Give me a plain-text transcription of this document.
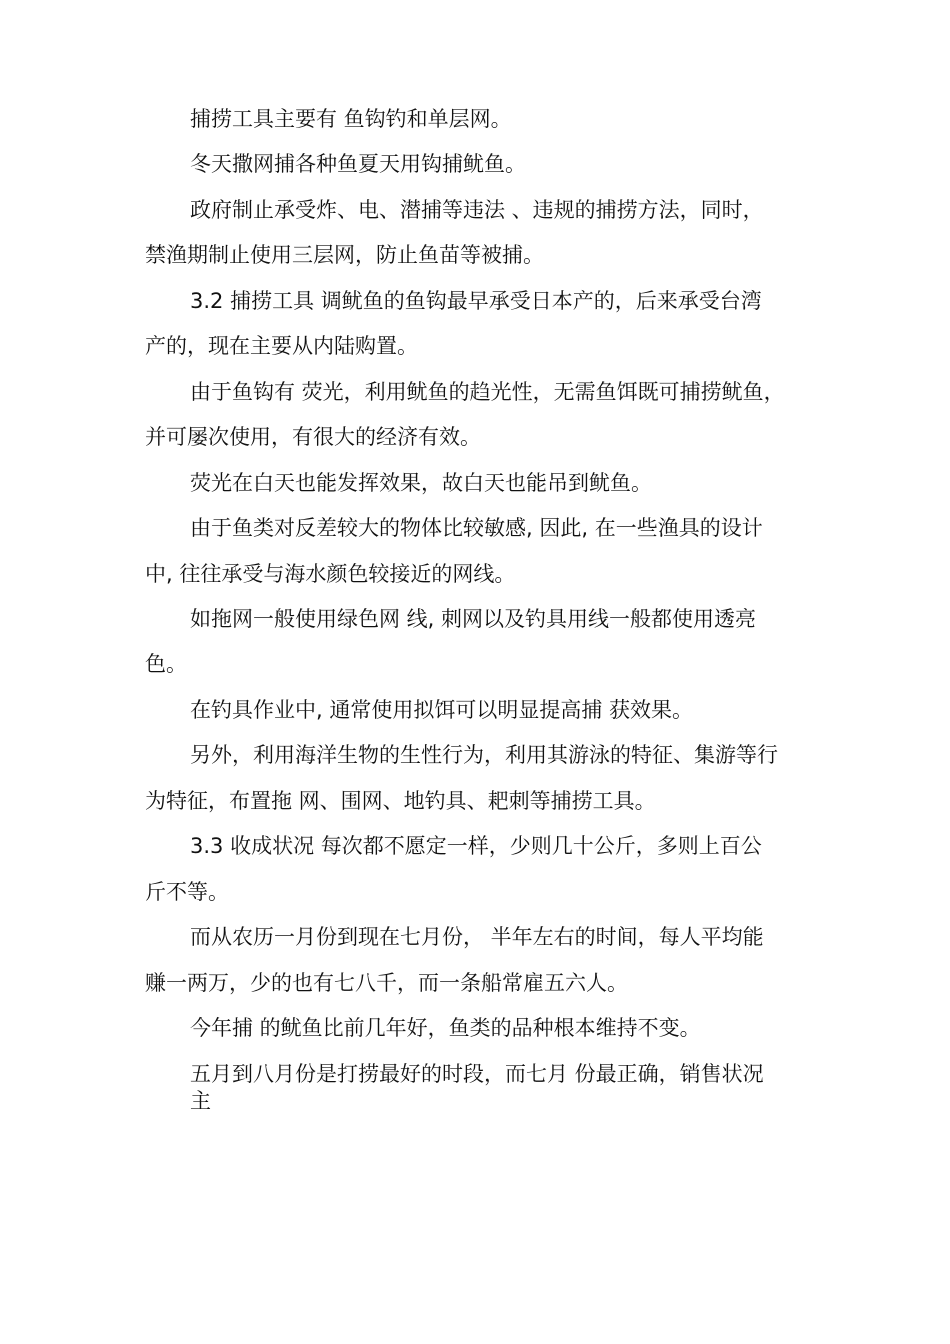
捕捞工具主要有 鱼钩钓和单层网。

冬天撒网捕各种鱼夏天用钩捕鱿鱼。

政府制止承受炸、电、潜捕等违法 、违规的捕捞方法，同时，

禁渔期制止使用三层网，防止鱼苗等被捕。

3.2 捕捞工具 调鱿鱼的鱼钩最早承受日本产的，后来承受台湾

产的，现在主要从内陆购置。

由于鱼钩有 荧光，利用鱿鱼的趋光性，无需鱼饵既可捕捞鱿鱼，

并可屡次使用，有很大的经济有效。

荧光在白天也能发挥效果，故白天也能吊到鱿鱼。

由于鱼类对反差较大的物体比较敏感, 因此, 在一些渔具的设计

中, 往往承受与海水颜色较接近的网线。

如拖网一般使用绿色网 线, 刺网以及钓具用线一般都使用透亮

色。

在钓具作业中, 通常使用拟饵可以明显提高捕 获效果。

另外，利用海洋生物的生性行为，利用其游泳的特征、集游等行

为特征，布置拖 网、围网、地钓具、耙刺等捕捞工具。

3.3 收成状况 每次都不愿定一样，少则几十公斤，多则上百公

斤不等。

而从农历一月份到现在七月份， 半年左右的时间，每人平均能

赚一两万，少的也有七八千，而一条船常雇五六人。

今年捕 的鱿鱼比前几年好，鱼类的品种根本维持不变。

五月到八月份是打捞最好的时段，而七月 份最正确，销售状况

主
